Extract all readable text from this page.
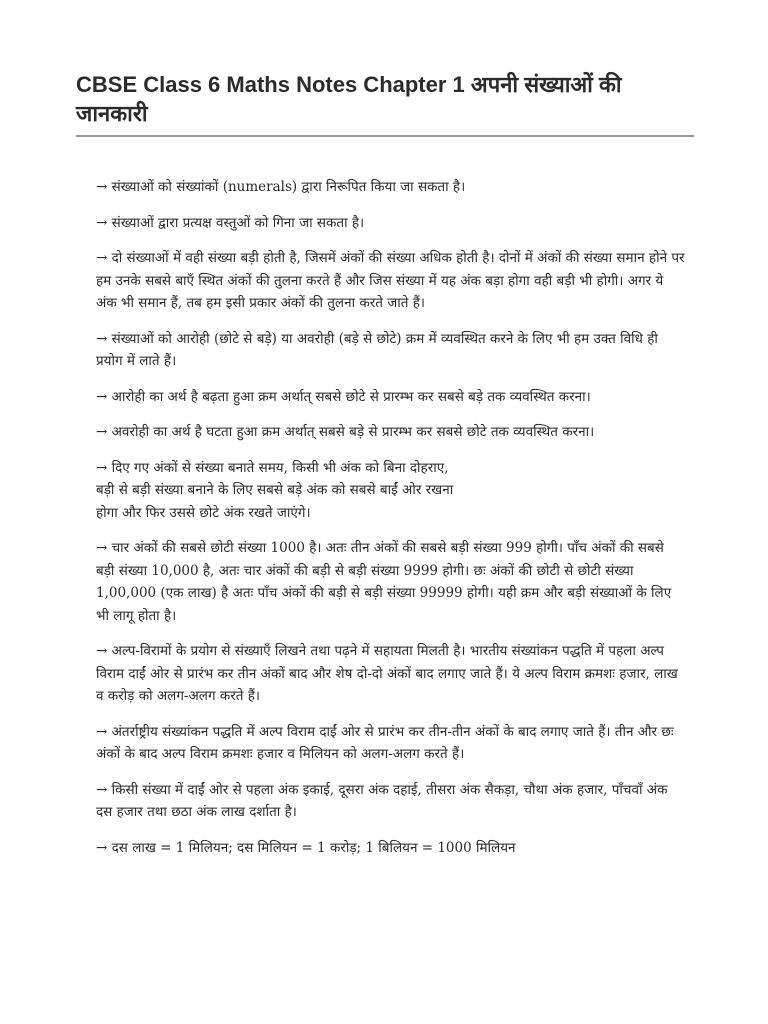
CBSE Class 6 Maths Notes Chapter 1 अपनी संख्याओं की जानकारी
→ संख्याओं को संख्यांकों (numerals) द्वारा निरूपित किया जा सकता है।
→ संख्याओं द्वारा प्रत्यक्ष वस्तुओं को गिना जा सकता है।
→ दो संख्याओं में वही संख्या बड़ी होती है, जिसमें अंकों की संख्या अधिक होती है। दोनों में अंकों की संख्या समान होने पर हम उनके सबसे बाएँ स्थित अंकों की तुलना करते हैं और जिस संख्या में यह अंक बड़ा होगा वही बड़ी भी होगी। अगर ये अंक भी समान हैं, तब हम इसी प्रकार अंकों की तुलना करते जाते हैं।
→ संख्याओं को आरोही (छोटे से बड़े) या अवरोही (बड़े से छोटे) क्रम में व्यवस्थित करने के लिए भी हम उक्त विधि ही प्रयोग में लाते हैं।
→ आरोही का अर्थ है बढ़ता हुआ क्रम अर्थात् सबसे छोटे से प्रारम्भ कर सबसे बड़े तक व्यवस्थित करना।
→ अवरोही का अर्थ है घटता हुआ क्रम अर्थात् सबसे बड़े से प्रारम्भ कर सबसे छोटे तक व्यवस्थित करना।
→ दिए गए अंकों से संख्या बनाते समय, किसी भी अंक को बिना दोहराए,
बड़ी से बड़ी संख्या बनाने के लिए सबसे बड़े अंक को सबसे बाईं ओर रखना
होगा और फिर उससे छोटे अंक रखते जाएंगे।
→ चार अंकों की सबसे छोटी संख्या 1000 है। अतः तीन अंकों की सबसे बड़ी संख्या 999 होगी। पाँच अंकों की सबसे बड़ी संख्या 10,000 है, अतः चार अंकों की बड़ी से बड़ी संख्या 9999 होगी। छः अंकों की छोटी से छोटी संख्या 1,00,000 (एक लाख) है अतः पाँच अंकों की बड़ी से बड़ी संख्या 99999 होगी। यही क्रम और बड़ी संख्याओं के लिए भी लागू होता है।
→ अल्प-विरामों के प्रयोग से संख्याएँ लिखने तथा पढ़ने में सहायता मिलती है। भारतीय संख्यांकन पद्धति में पहला अल्प विराम दाईं ओर से प्रारंभ कर तीन अंकों बाद और शेष दो-दो अंकों बाद लगाए जाते हैं। ये अल्प विराम क्रमशः हजार, लाख व करोड़ को अलग-अलग करते हैं।
→ अंतर्राष्ट्रीय संख्यांकन पद्धति में अल्प विराम दाईं ओर से प्रारंभ कर तीन-तीन अंकों के बाद लगाए जाते हैं। तीन और छः अंकों के बाद अल्प विराम क्रमशः हजार व मिलियन को अलग-अलग करते हैं।
→ किसी संख्या में दाईं ओर से पहला अंक इकाई, दूसरा अंक दहाई, तीसरा अंक सैकड़ा, चौथा अंक हजार, पाँचवाँ अंक दस हजार तथा छठा अंक लाख दर्शाता है।
→ दस लाख = 1 मिलियन; दस मिलियन = 1 करोड़; 1 बिलियन = 1000 मिलियन
